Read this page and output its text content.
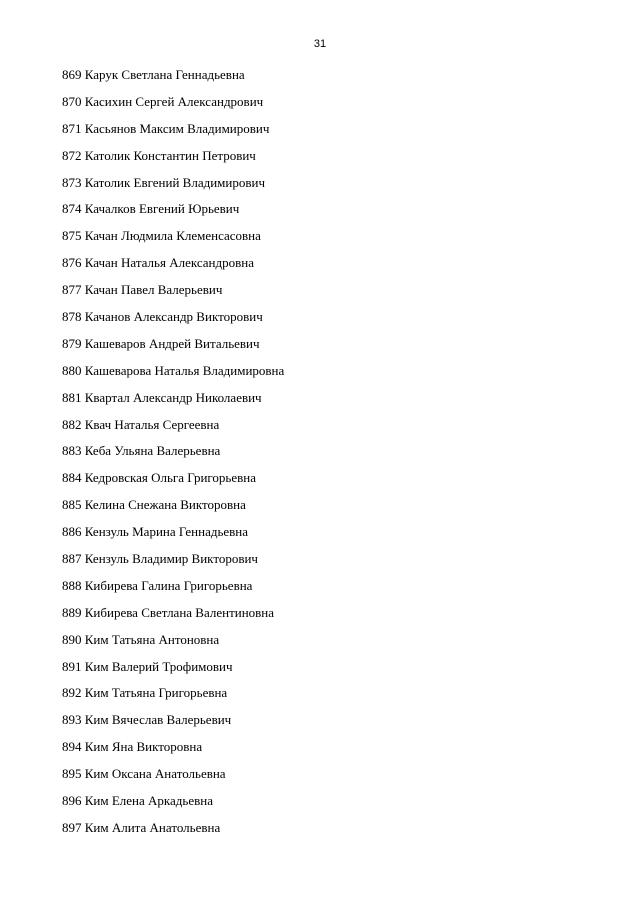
31
869 Карук Светлана Геннадьевна
870 Касихин Сергей Александрович
871 Касьянов Максим Владимирович
872 Католик Константин Петрович
873 Католик Евгений Владимирович
874 Качалков Евгений Юрьевич
875 Качан Людмила Клеменсасовна
876 Качан Наталья Александровна
877 Качан Павел Валерьевич
878 Качанов Александр Викторович
879 Кашеваров Андрей Витальевич
880 Кашеварова Наталья Владимировна
881 Квартал Александр Николаевич
882 Квач Наталья Сергеевна
883 Кеба Ульяна Валерьевна
884 Кедровская Ольга Григорьевна
885 Келина Снежана Викторовна
886 Кензуль Марина Геннадьевна
887 Кензуль Владимир Викторович
888 Кибирева Галина Григорьевна
889 Кибирева Светлана Валентиновна
890 Ким Татьяна Антоновна
891 Ким Валерий Трофимович
892 Ким Татьяна Григорьевна
893 Ким Вячеслав Валерьевич
894 Ким Яна Викторовна
895 Ким Оксана Анатольевна
896 Ким Елена Аркадьевна
897 Ким Алита Анатольевна
